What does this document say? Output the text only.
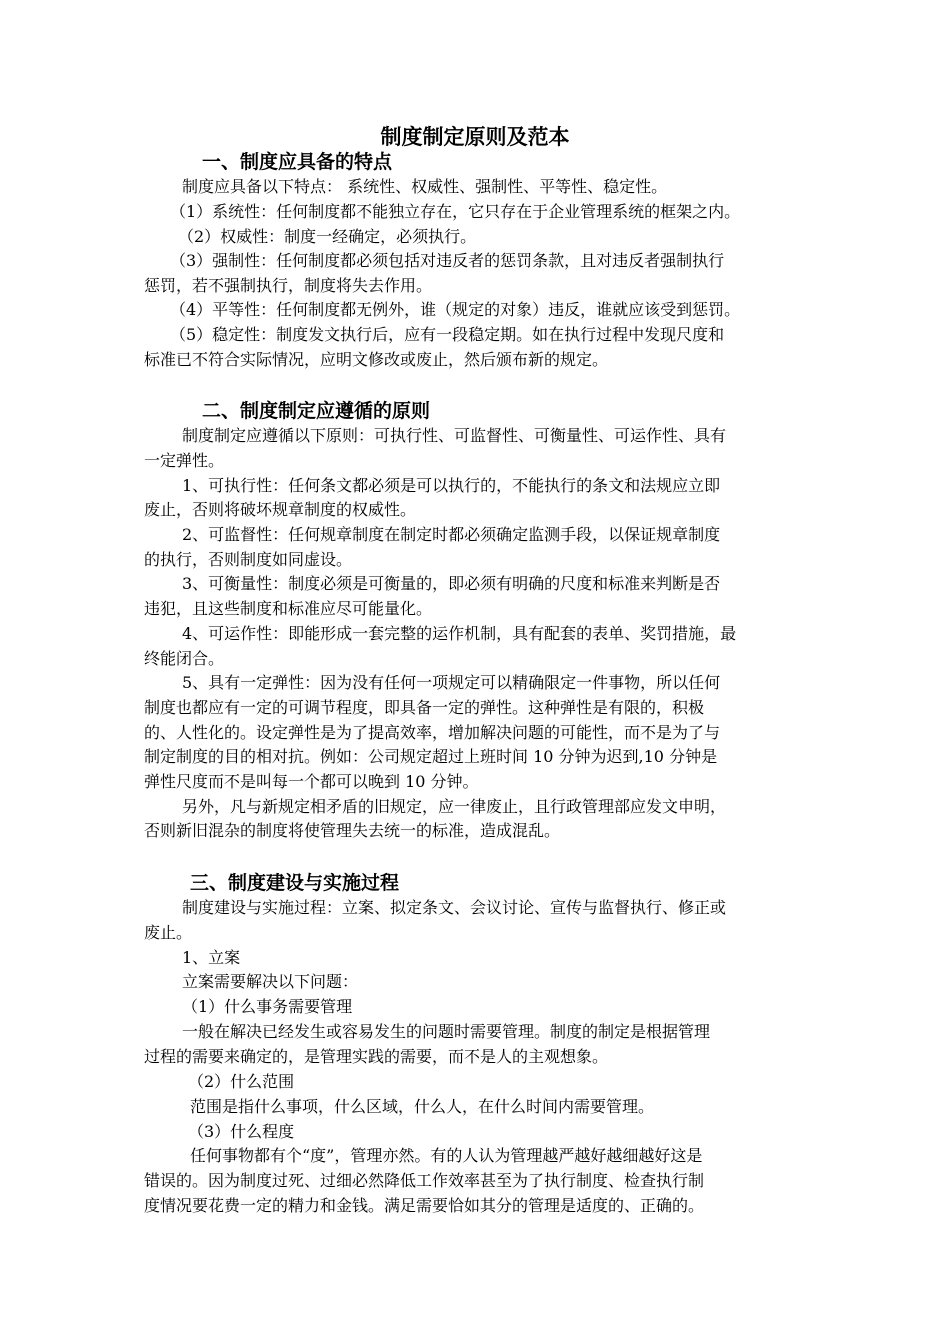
制度制定原则及范本
一、制度应具备的特点

制度应具备以下特点： 系统性、权威性、强制性、平等性、稳定性。

（1）系统性：任何制度都不能独立存在，它只存在于企业管理系统的框架之内。

（2）权威性：制度一经确定，必须执行。

（3）强制性：任何制度都必须包括对违反者的惩罚条款，且对违反者强制执行

惩罚，若不强制执行，制度将失去作用。

（4）平等性：任何制度都无例外，谁（规定的对象）违反，谁就应该受到惩罚。

（5）稳定性：制度发文执行后，应有一段稳定期。如在执行过程中发现尺度和

标准已不符合实际情况，应明文修改或废止，然后颁布新的规定。

二、制度制定应遵循的原则

制度制定应遵循以下原则：可执行性、可监督性、可衡量性、可运作性、具有

一定弹性。

1、可执行性：任何条文都必须是可以执行的，不能执行的条文和法规应立即

废止，否则将破坏规章制度的权威性。

2、可监督性：任何规章制度在制定时都必须确定监测手段，以保证规章制度

的执行，否则制度如同虚设。

3、可衡量性：制度必须是可衡量的，即必须有明确的尺度和标准来判断是否

违犯，且这些制度和标准应尽可能量化。

4、可运作性：即能形成一套完整的运作机制，具有配套的表单、奖罚措施，最

终能闭合。

5、具有一定弹性：因为没有任何一项规定可以精确限定一件事物，所以任何

制度也都应有一定的可调节程度，即具备一定的弹性。这种弹性是有限的，积极

的、人性化的。设定弹性是为了提高效率，增加解决问题的可能性，而不是为了与

制定制度的目的相对抗。例如：公司规定超过上班时间 10 分钟为迟到,10 分钟是

弹性尺度而不是叫每一个都可以晚到 10 分钟。

另外，凡与新规定相矛盾的旧规定，应一律废止，且行政管理部应发文申明，

否则新旧混杂的制度将使管理失去统一的标准，造成混乱。

三、制度建设与实施过程

制度建设与实施过程：立案、拟定条文、会议讨论、宣传与监督执行、修正或

废止。

1、立案

立案需要解决以下问题：

（1）什么事务需要管理

一般在解决已经发生或容易发生的问题时需要管理。制度的制定是根据管理

过程的需要来确定的，是管理实践的需要，而不是人的主观想象。

（2）什么范围

范围是指什么事项，什么区域，什么人，在什么时间内需要管理。

（3）什么程度

任何事物都有个“度”，管理亦然。有的人认为管理越严越好越细越好这是

错误的。因为制度过死、过细必然降低工作效率甚至为了执行制度、检查执行制

度情况要花费一定的精力和金钱。满足需要恰如其分的管理是适度的、正确的。
